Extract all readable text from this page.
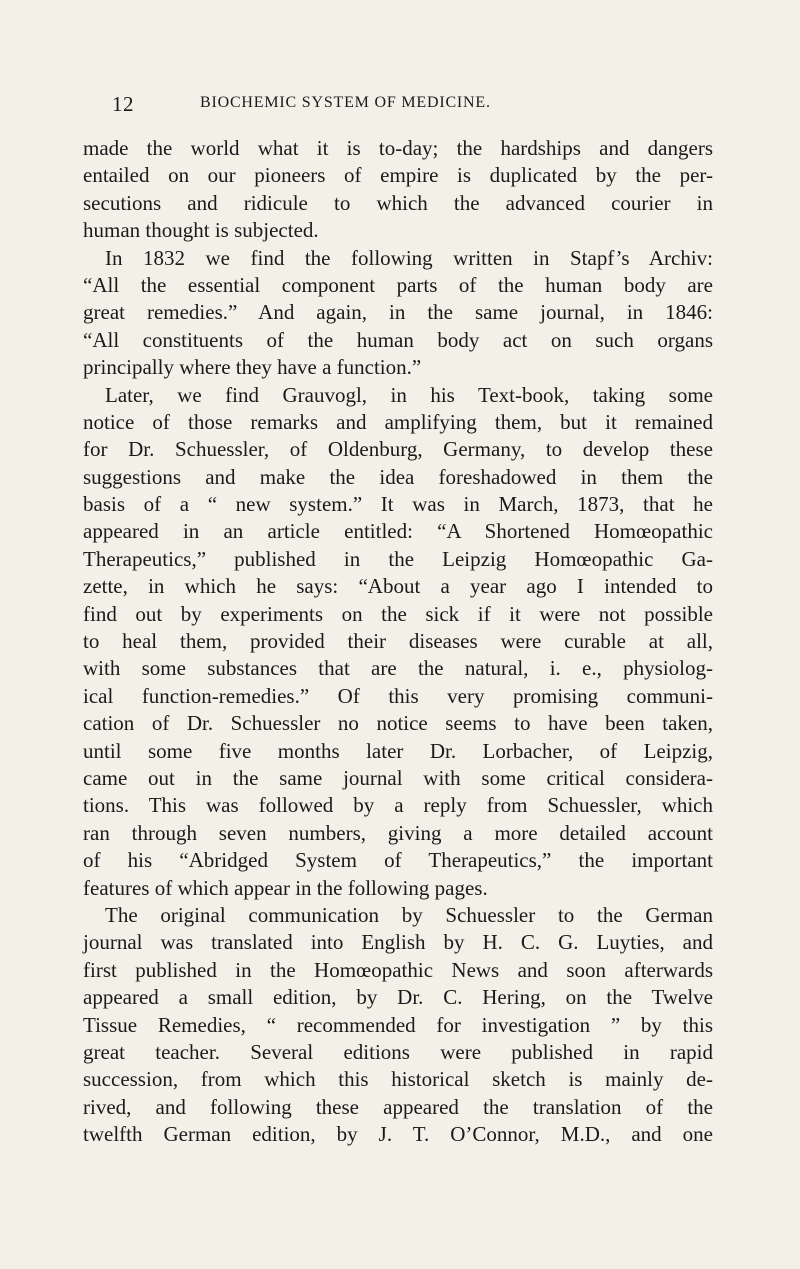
12	BIOCHEMIC SYSTEM OF MEDICINE.
made the world what it is to-day; the hardships and dangers
entailed on our pioneers of empire is duplicated by the per-
secutions and ridicule to which the advanced courier in
human thought is subjected.
In 1832 we find the following written in Stapf’s Archiv:
“All the essential component parts of the human body are
great remedies.” And again, in the same journal, in 1846:
“All constituents of the human body act on such organs
principally where they have a function.”
Later, we find Grauvogl, in his Text-book, taking some
notice of those remarks and amplifying them, but it remained
for Dr. Schuessler, of Oldenburg, Germany, to develop these
suggestions and make the idea foreshadowed in them the
basis of a “ new system.” It was in March, 1873, that he
appeared in an article entitled: “A Shortened Homœopathic
Therapeutics,” published in the Leipzig Homœopathic Ga-
zette, in which he says: “About a year ago I intended to
find out by experiments on the sick if it were not possible
to heal them, provided their diseases were curable at all,
with some substances that are the natural, i. e., physiolog-
ical function-remedies.” Of this very promising communi-
cation of Dr. Schuessler no notice seems to have been taken,
until some five months later Dr. Lorbacher, of Leipzig,
came out in the same journal with some critical considera-
tions. This was followed by a reply from Schuessler, which
ran through seven numbers, giving a more detailed account
of his “Abridged System of Therapeutics,” the important
features of which appear in the following pages.
The original communication by Schuessler to the German
journal was translated into English by H. C. G. Luyties, and
first published in the Homœopathic News and soon afterwards
appeared a small edition, by Dr. C. Hering, on the Twelve
Tissue Remedies, “ recommended for investigation ” by this
great teacher. Several editions were published in rapid
succession, from which this historical sketch is mainly de-
rived, and following these appeared the translation of the
twelfth German edition, by J. T. O’Connor, M.D., and one
